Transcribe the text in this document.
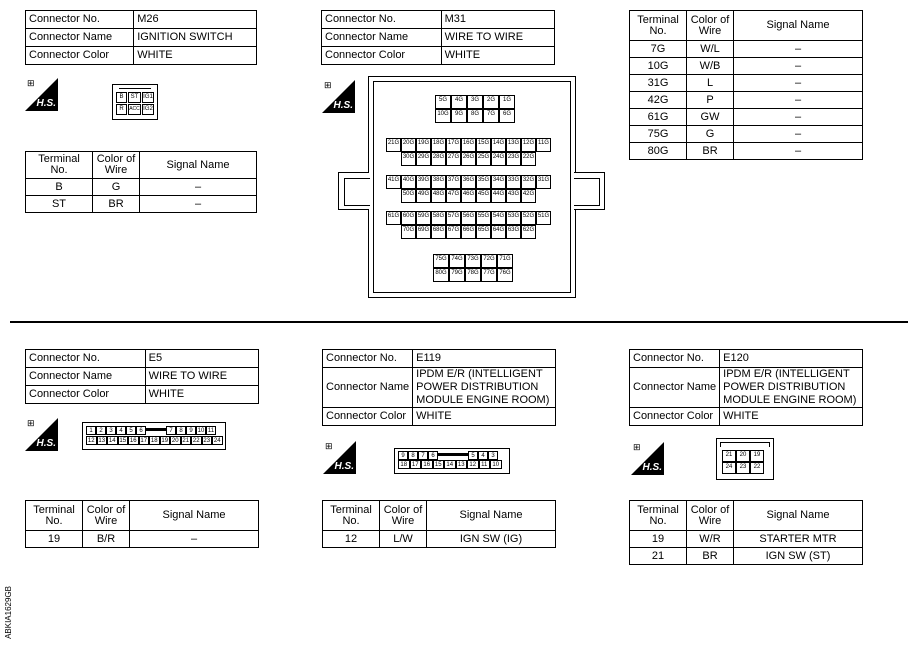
Connector No.	M26
Connector Name	IGNITION SWITCH
Connector Color	WHITE
⊞
H.S.
B	ST IG1
R	ACC IG2
Terminal No.	Color of Wire	Signal Name
B	G	–
ST	BR	–
Connector No.	M31
Connector Name	WIRE TO WIRE
Connector Color	WHITE
⊞
H.S.	5G	4G	3G	2G	1G
10G	9G	8G	7G	6G
21G 20G 19G 18G 17G 16G 15G 14G 13G 12G 11G
30G 29G 28G 27G 26G 25G 24G 23G 22G
41G 40G 39G 38G 37G 36G 35G 34G 33G 32G 31G
50G 49G 48G 47G 46G 45G 44G 43G 42G
61G 60G 59G 58G 57G 56G 55G 54G 53G 52G 51G
70G 69G 68G 67G 66G 65G 64G 63G 62G
75G 74G 73G 72G 71G
80G 79G 78G 77G 76G
Terminal No.	Color of Wire	Signal Name
7G	W/L	–
10G	W/B	–
31G	L	–
42G	P	–
61G	GW	–
75G	G	–
80G	BR	–
Connector No.	E5
Connector Name	WIRE TO WIRE
Connector Color	WHITE
⊞
H.S.
1	2	3	4	5	6	7	8	9 10 11
12 13 14 15 16 17 18 19 20 21 22 23 24
Terminal No.	Color of Wire	Signal Name
19	B/R	–
Connector No.	E119
Connector Name	IPDM E/R (INTELLIGENT POWER DISTRIBUTION MODULE ENGINE ROOM)
Connector Color	WHITE
⊞
H.S.
9	8	7	6	5	4	3
18 17 16 15 14 13 12 11 10
Terminal No.	Color of Wire	Signal Name
12	L/W	IGN SW (IG)
Connector No.	E120
Connector Name	IPDM E/R (INTELLIGENT POWER DISTRIBUTION MODULE ENGINE ROOM)
Connector Color	WHITE
⊞
H.S.
21	20	19
24	23	22
Terminal No.	Color of Wire	Signal Name
19	W/R	STARTER MTR
21	BR	IGN SW (ST)
ABKIA1629GB
